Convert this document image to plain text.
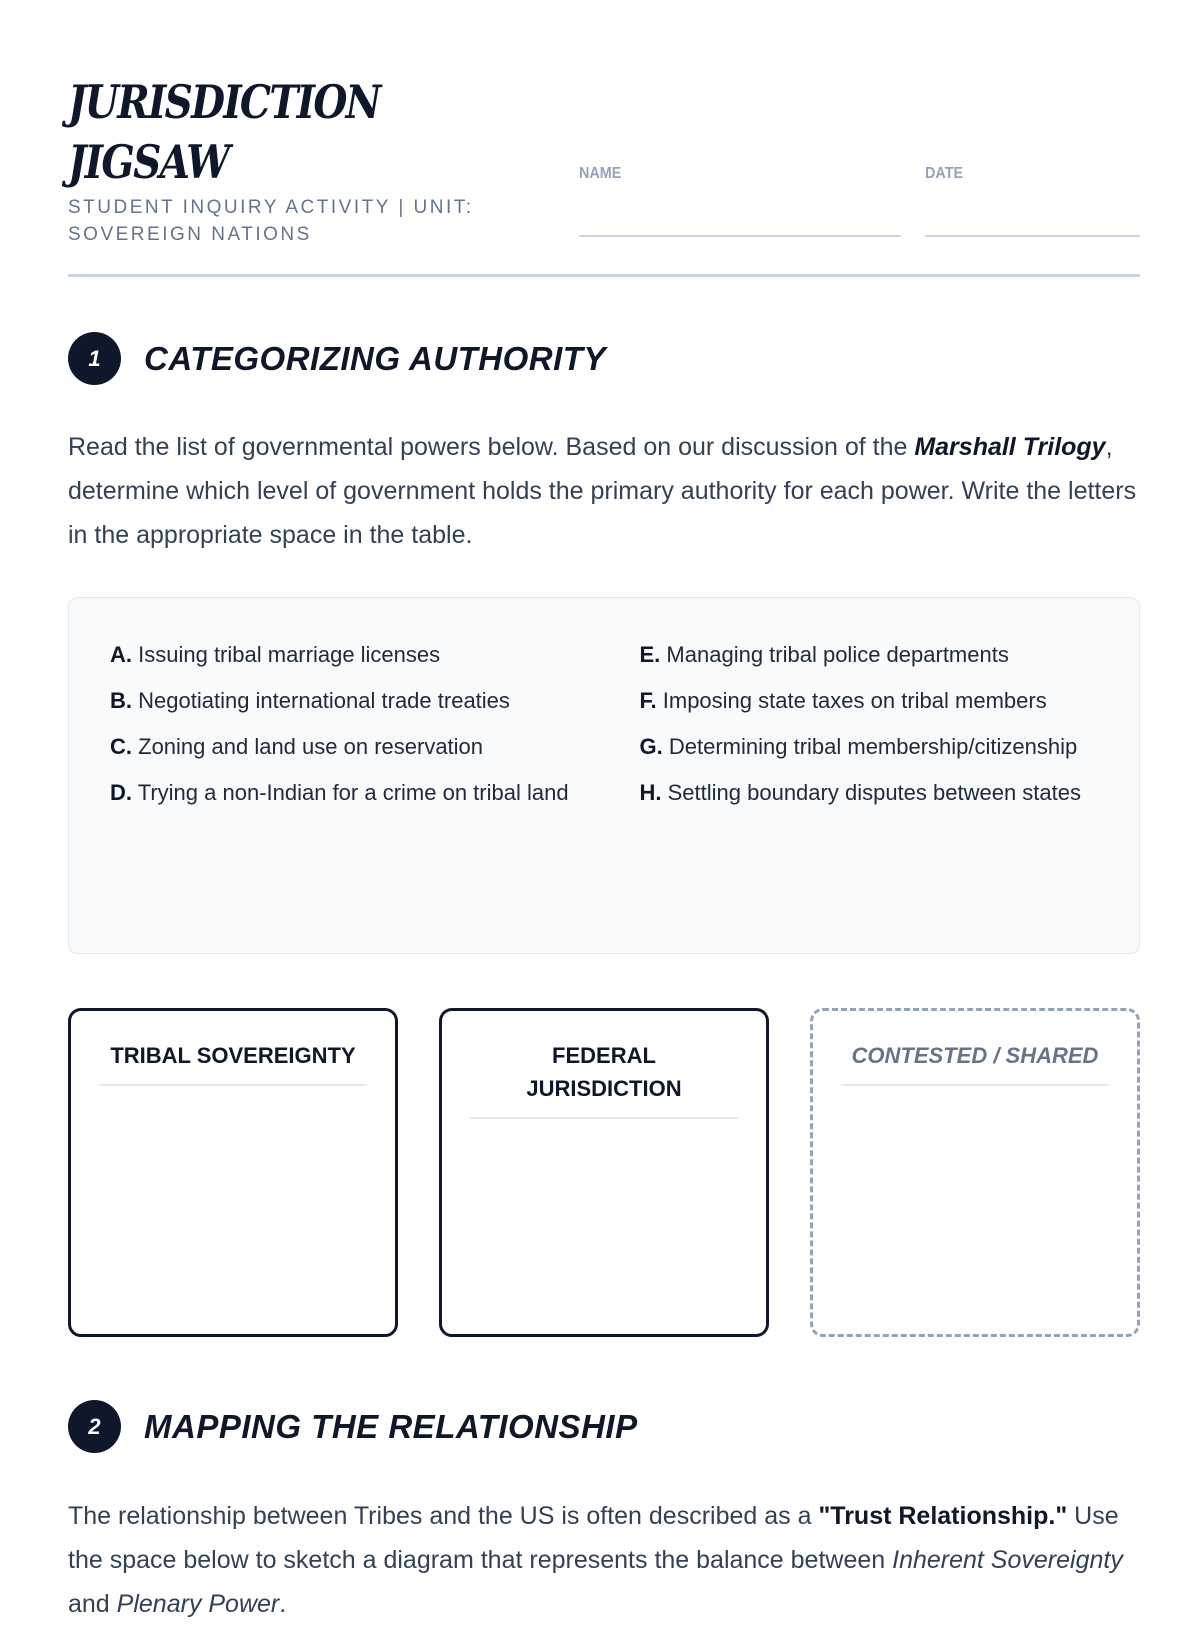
JURISDICTION
JIGSAW
STUDENT INQUIRY ACTIVITY | UNIT: SOVEREIGN NATIONS
NAME	DATE
1	CATEGORIZING AUTHORITY

Read the list of governmental powers below. Based on our discussion of the Marshall Trilogy, determine which level of government holds the primary authority for each power. Write the letters in the appropriate space in the table.

A. Issuing tribal marriage licenses
B. Negotiating international trade treaties
C. Zoning and land use on reservation
D. Trying a non-Indian for a crime on tribal land
E. Managing tribal police departments
F. Imposing state taxes on tribal members
G. Determining tribal membership/citizenship
H. Settling boundary disputes between states
TRIBAL SOVEREIGNTY	FEDERAL JURISDICTION
CONTESTED / SHARED
2	MAPPING THE RELATIONSHIP

The relationship between Tribes and the US is often described as a "Trust Relationship." Use the space below to sketch a diagram that represents the balance between Inherent Sovereignty and Plenary Power.
